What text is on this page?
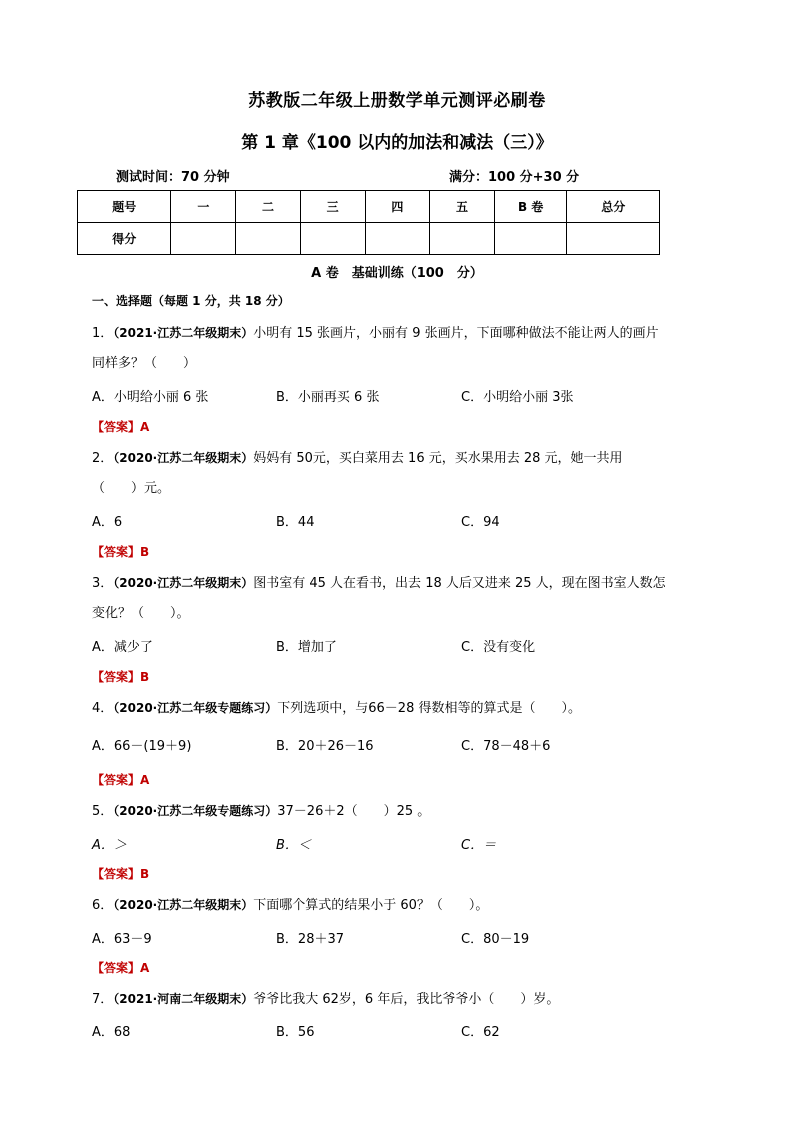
苏教版二年级上册数学单元测评必刷卷
第 1 章《100 以内的加法和减法（三）》
测试时间：70 分钟	满分：100 分+30 分
题号	一	二	三	四	五	B 卷	总分
得分							
A 卷　基础训练（100　分）
一、选择题（每题 1 分，共 18 分）
1．（2021·江苏二年级期末）小明有 15 张画片，小丽有 9 张画片，下面哪种做法不能让两人的画片
同样多？（　　）
A．小明给小丽 6 张	B．小丽再买 6 张	C．小明给小丽 3张
【答案】A
2．（2020·江苏二年级期末）妈妈有 50元，买白菜用去 16 元，买水果用去 28 元，她一共用
（　　）元。
A．6	B．44	C．94
【答案】B
3．（2020·江苏二年级期末）图书室有 45 人在看书，出去 18 人后又进来 25 人，现在图书室人数怎
变化？（　　）。
A．减少了	B．增加了	C．没有变化
【答案】B
4．（2020·江苏二年级专题练习）下列选项中，与66－28 得数相等的算式是（　　）。
A．66－(19＋9)	B．20＋26－16	C．78－48＋6
【答案】A
5．（2020·江苏二年级专题练习）37－26＋2（　　）25 。
A．＞	B．＜	C．＝
【答案】B
6．（2020·江苏二年级期末）下面哪个算式的结果小于 60？（　　）。
A．63－9	B．28＋37	C．80－19
【答案】A
7．（2021·河南二年级期末）爷爷比我大 62岁，6 年后，我比爷爷小（　　）岁。
A．68	B．56	C．62
